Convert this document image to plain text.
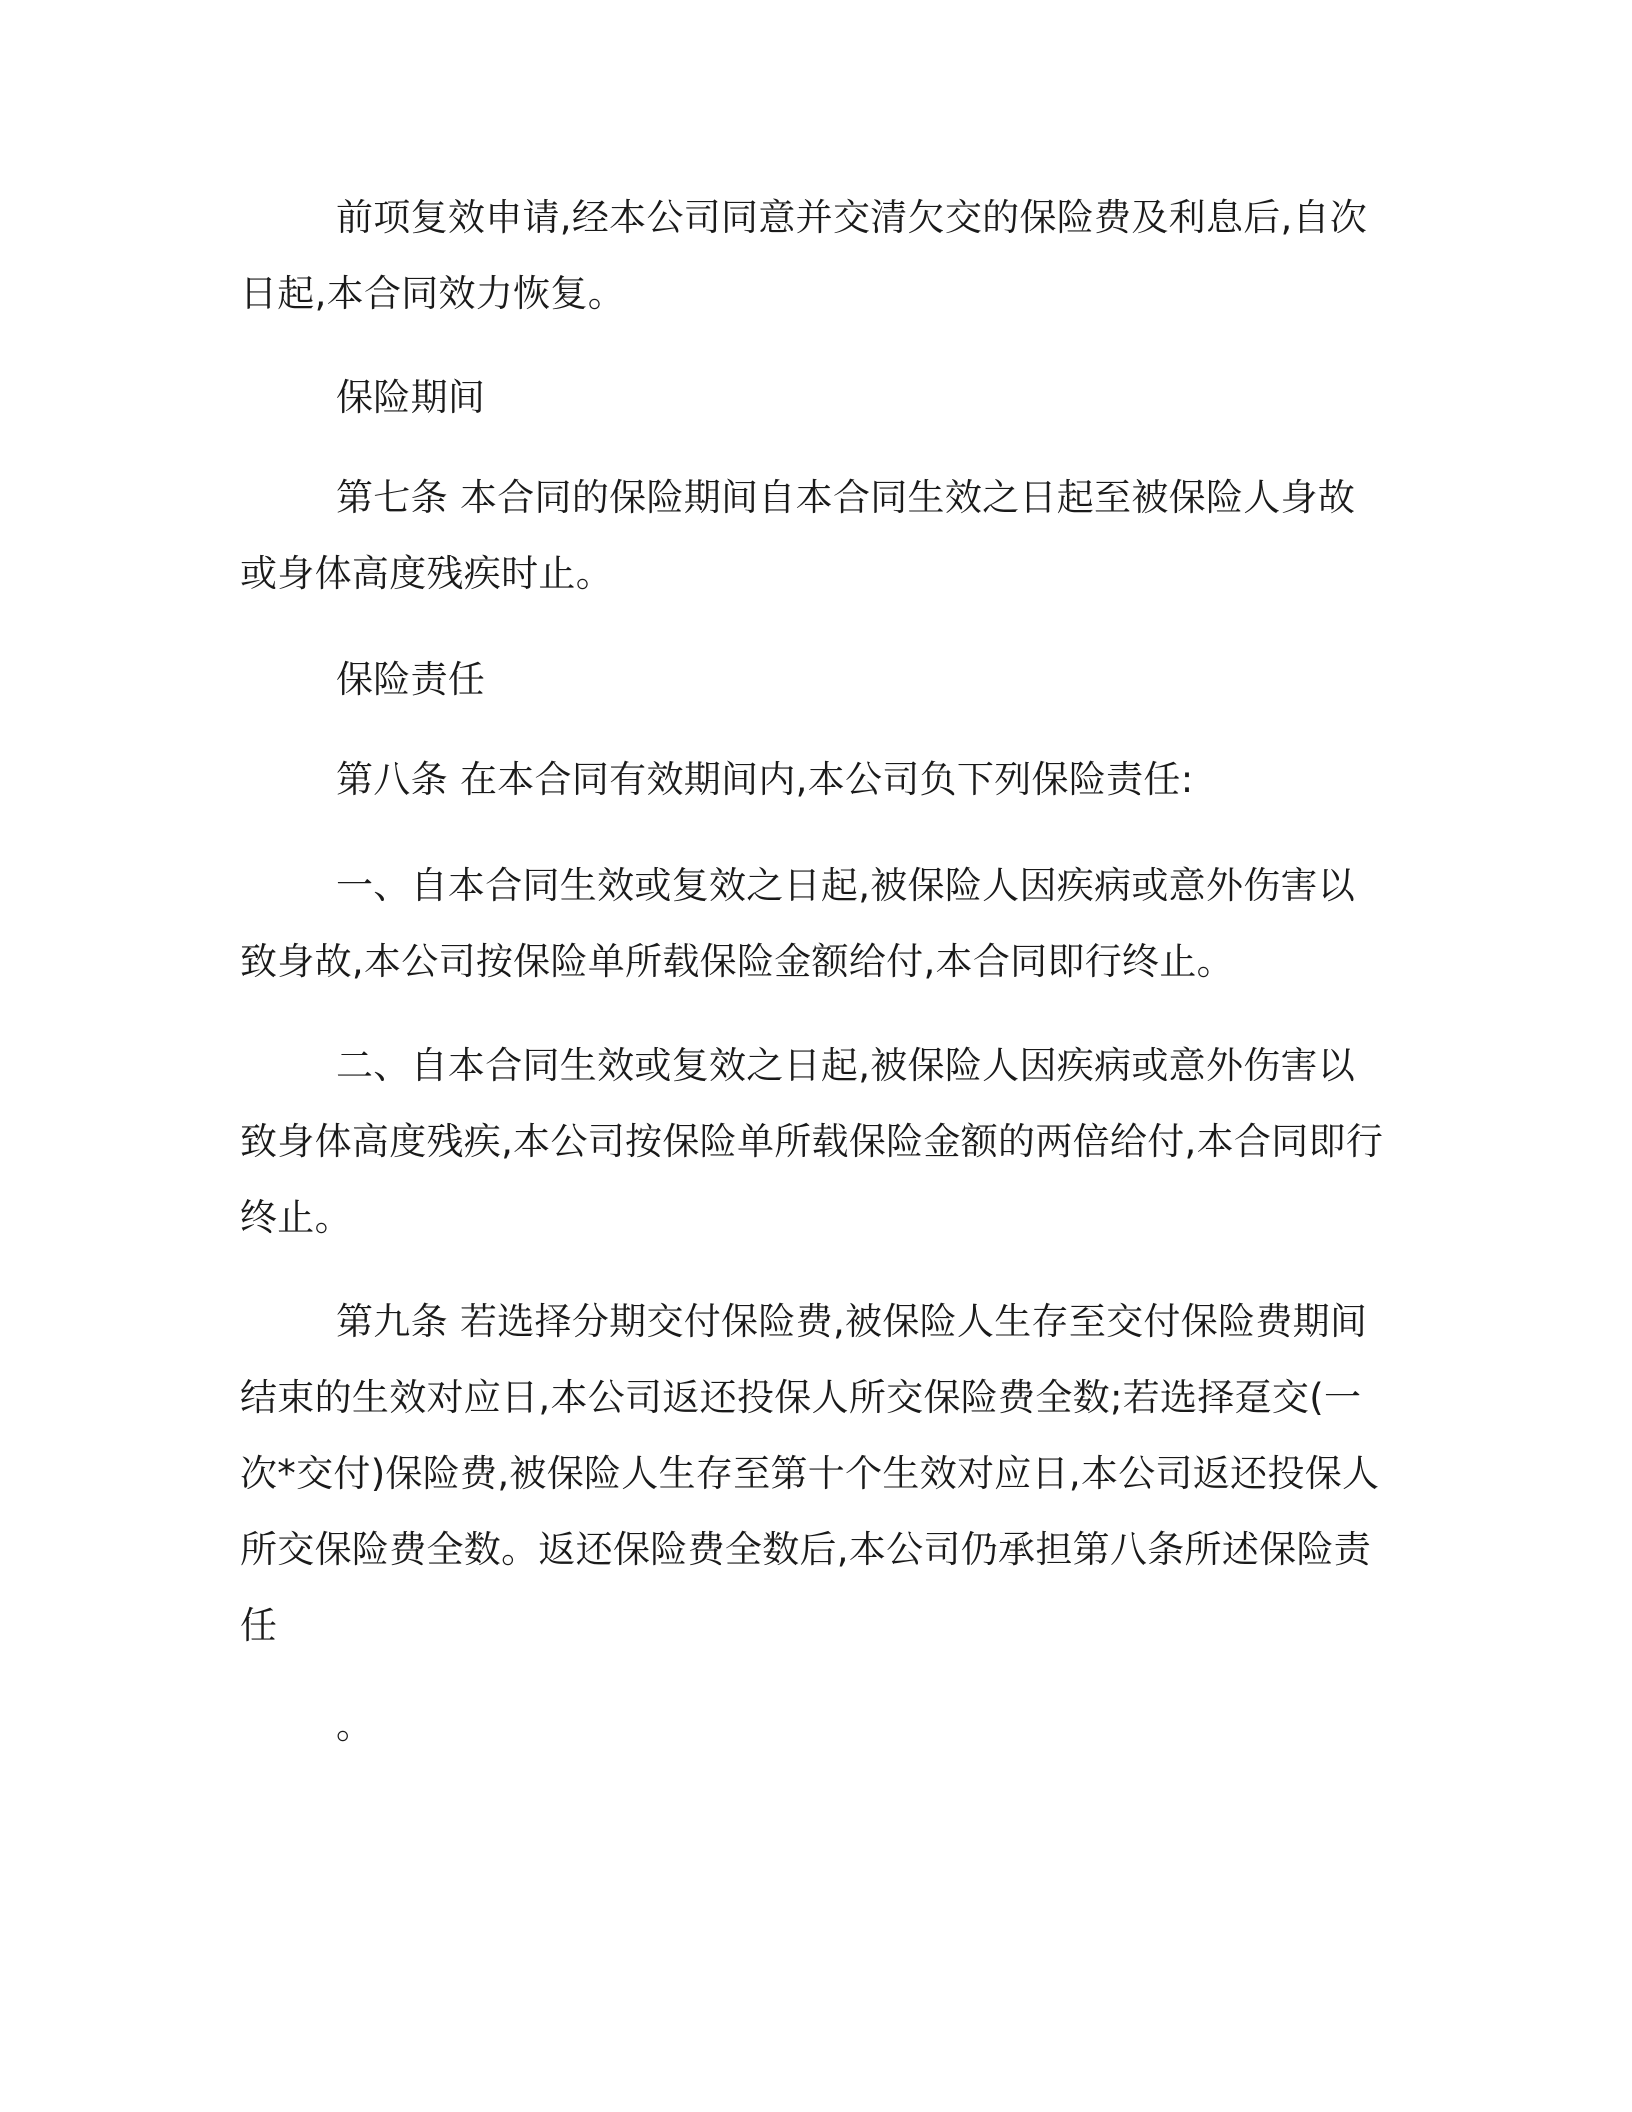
前项复效申请,经本公司同意并交清欠交的保险费及利息后,自次日起,本合同效力恢复。

保险期间

第七条 本合同的保险期间自本合同生效之日起至被保险人身故或身体高度残疾时止。

保险责任

第八条 在本合同有效期间内,本公司负下列保险责任:

一、自本合同生效或复效之日起,被保险人因疾病或意外伤害以致身故,本公司按保险单所载保险金额给付,本合同即行终止。

二、自本合同生效或复效之日起,被保险人因疾病或意外伤害以致身体高度残疾,本公司按保险单所载保险金额的两倍给付,本合同即行终止。

第九条 若选择分期交付保险费,被保险人生存至交付保险费期间结束的生效对应日,本公司返还投保人所交保险费全数;若选择趸交(一次*交付)保险费,被保险人生存至第十个生效对应日,本公司返还投保人所交保险费全数。返还保险费全数后,本公司仍承担第八条所述保险责任

。
